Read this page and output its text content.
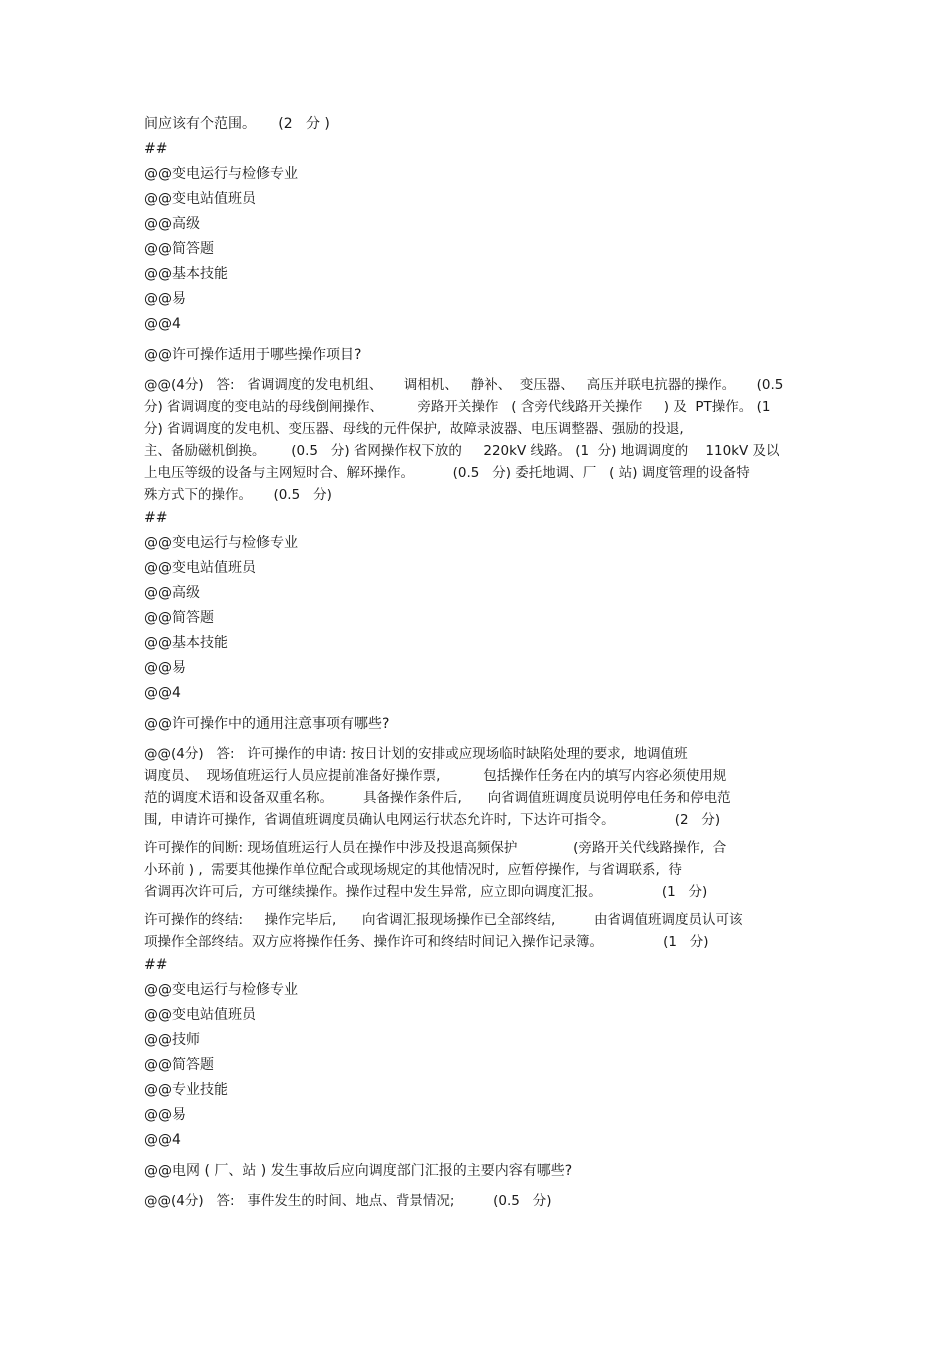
间应该有个范围。     (2   分 )
##
@@变电运行与检修专业
@@变电站值班员
@@高级
@@简答题
@@基本技能
@@易
@@4
@@许可操作适用于哪些操作项目?
@@(4分)   答:   省调调度的发电机组、     调相机、   静补、  变压器、   高压并联电抗器的操作。     (0.5
分) 省调调度的变电站的母线倒闸操作、        旁路开关操作   ( 含旁代线路开关操作     ) 及  PT操作。 (1
分) 省调调度的发电机、变压器、母线的元件保护,  故障录波器、电压调整器、强励的投退,
主、备励磁机倒换。      (0.5   分) 省网操作权下放的     220kV 线路。 (1  分) 地调调度的    110kV 及以
上电压等级的设备与主网短时合、解环操作。         (0.5   分) 委托地调、厂   ( 站) 调度管理的设备特
殊方式下的操作。     (0.5   分)
##
@@变电运行与检修专业
@@变电站值班员
@@高级
@@简答题
@@基本技能
@@易
@@4
@@许可操作中的通用注意事项有哪些?
@@(4分)   答:   许可操作的申请: 按日计划的安排或应现场临时缺陷处理的要求,  地调值班
调度员、  现场值班运行人员应提前准备好操作票,          包括操作任务在内的填写内容必须使用规
范的调度术语和设备双重名称。       具备操作条件后,      向省调值班调度员说明停电任务和停电范
围,  申请许可操作,  省调值班调度员确认电网运行状态允许时,  下达许可指令。              (2   分)
许可操作的间断: 现场值班运行人员在操作中涉及投退高频保护             (旁路开关代线路操作,  合
小环前 ) ,  需要其他操作单位配合或现场规定的其他情况时,  应暂停操作,  与省调联系,  待
省调再次许可后,  方可继续操作。操作过程中发生异常,  应立即向调度汇报。              (1   分)
许可操作的终结:     操作完毕后,      向省调汇报现场操作已全部终结,         由省调值班调度员认可该
项操作全部终结。双方应将操作任务、操作许可和终结时间记入操作记录簿。              (1   分)
##
@@变电运行与检修专业
@@变电站值班员
@@技师
@@简答题
@@专业技能
@@易
@@4
@@电网 ( 厂、站 ) 发生事故后应向调度部门汇报的主要内容有哪些?
@@(4分)   答:   事件发生的时间、地点、背景情况;         (0.5   分)
